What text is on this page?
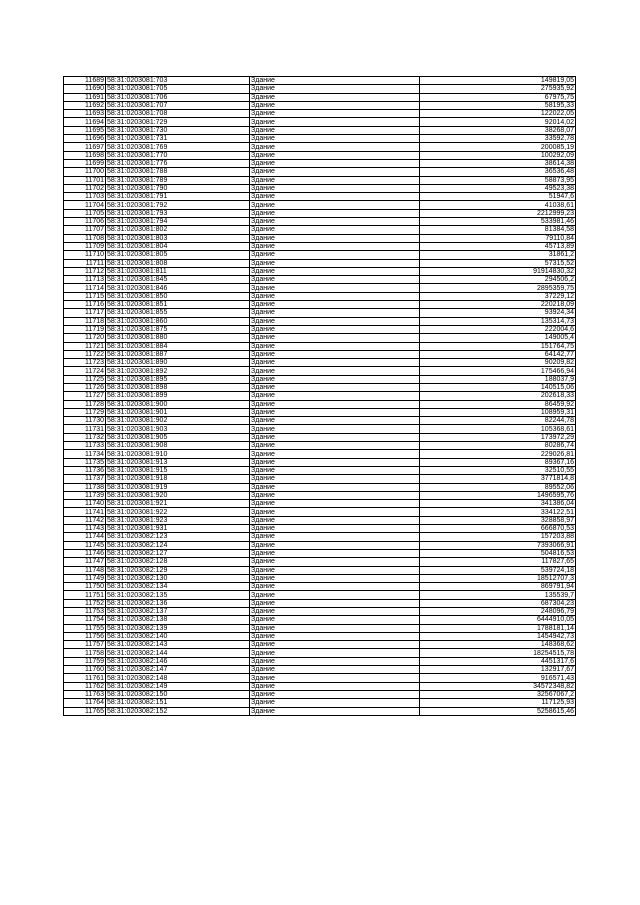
11689	58:31:0203081:703	Здание	149819,05
11690	58:31:0203081:705	Здание	275935,92
11691	58:31:0203081:706	Здание	67975,75
11692	58:31:0203081:707	Здание	58195,33
11693	58:31:0203081:708	Здание	122022,05
11694	58:31:0203081:729	Здание	92014,02
11695	58:31:0203081:730	Здание	38268,07
11696	58:31:0203081:731	Здание	33592,78
11697	58:31:0203081:769	Здание	200085,19
11698	58:31:0203081:770	Здание	100292,09
11699	58:31:0203081:776	Здание	38614,38
11700	58:31:0203081:788	Здание	36536,48
11701	58:31:0203081:789	Здание	58873,95
11702	58:31:0203081:790	Здание	49523,38
11703	58:31:0203081:791	Здание	51947,6
11704	58:31:0203081:792	Здание	41038,61
11705	58:31:0203081:793	Здание	2212999,23
11706	58:31:0203081:794	Здание	533981,46
11707	58:31:0203081:802	Здание	81384,58
11708	58:31:0203081:803	Здание	79110,84
11709	58:31:0203081:804	Здание	45713,89
11710	58:31:0203081:805	Здание	31861,2
11711	58:31:0203081:808	Здание	57315,52
11712	58:31:0203081:811	Здание	91914830,32
11713	58:31:0203081:845	Здание	294506,2
11714	58:31:0203081:846	Здание	2895359,75
11715	58:31:0203081:850	Здание	37229,12
11716	58:31:0203081:851	Здание	220218,09
11717	58:31:0203081:855	Здание	93924,34
11718	58:31:0203081:860	Здание	135314,73
11719	58:31:0203081:875	Здание	222004,6
11720	58:31:0203081:880	Здание	149005,4
11721	58:31:0203081:884	Здание	151764,75
11722	58:31:0203081:887	Здание	64142,77
11723	58:31:0203081:890	Здание	90209,82
11724	58:31:0203081:892	Здание	175466,94
11725	58:31:0203081:895	Здание	188037,9
11726	58:31:0203081:898	Здание	140515,06
11727	58:31:0203081:899	Здание	202618,33
11728	58:31:0203081:900	Здание	86459,92
11729	58:31:0203081:901	Здание	108959,31
11730	58:31:0203081:902	Здание	82244,78
11731	58:31:0203081:903	Здание	105368,61
11732	58:31:0203081:905	Здание	173972,29
11733	58:31:0203081:908	Здание	80286,74
11734	58:31:0203081:910	Здание	229026,81
11735	58:31:0203081:913	Здание	89367,16
11736	58:31:0203081:915	Здание	32510,55
11737	58:31:0203081:918	Здание	3771814,8
11738	58:31:0203081:919	Здание	89552,06
11739	58:31:0203081:920	Здание	1496595,76
11740	58:31:0203081:921	Здание	341386,04
11741	58:31:0203081:922	Здание	334122,51
11742	58:31:0203081:923	Здание	328858,97
11743	58:31:0203081:931	Здание	666870,53
11744	58:31:0203082:123	Здание	157203,88
11745	58:31:0203082:124	Здание	7393066,91
11746	58:31:0203082:127	Здание	504816,53
11747	58:31:0203082:128	Здание	117827,65
11748	58:31:0203082:129	Здание	539724,18
11749	58:31:0203082:130	Здание	18512707,3
11750	58:31:0203082:134	Здание	869791,94
11751	58:31:0203082:135	Здание	135539,7
11752	58:31:0203082:136	Здание	687304,23
11753	58:31:0203082:137	Здание	248096,79
11754	58:31:0203082:138	Здание	6444910,05
11755	58:31:0203082:139	Здание	1788181,14
11756	58:31:0203082:140	Здание	1454942,73
11757	58:31:0203082:143	Здание	148368,62
11758	58:31:0203082:144	Здание	18254515,78
11759	58:31:0203082:146	Здание	4451317,6
11760	58:31:0203082:147	Здание	132917,67
11761	58:31:0203082:148	Здание	916571,43
11762	58:31:0203082:149	Здание	34572348,82
11763	58:31:0203082:150	Здание	32567067,2
11764	58:31:0203082:151	Здание	117125,93
11765	58:31:0203082:152	Здание	5258615,46
